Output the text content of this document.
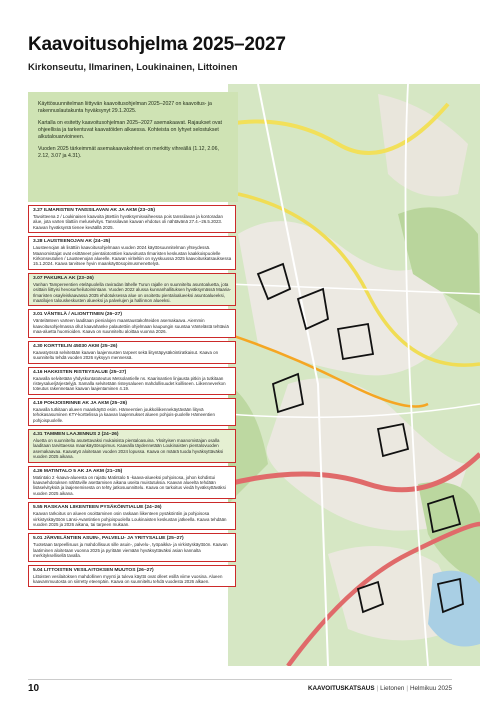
Kaavoitusohjelma 2025–2027
Kirkonseutu, Ilmarinen, Loukinainen, Littoinen

Käyttösuunnitelman liittyvän kaavoitusohjelman 2025–2027 on kaavoitus- ja rakennuslautakunta hyväksynyt 29.1.2025.

Kartalla on esitetty kaavoitusohjelman 2025–2027 asemakaavat. Rajaukset ovat ohjeellisia ja tarkentuvat kaavatöiden alkaessa. Kohteista on lyhyet selostukset alkutalouarvioineen.

Vuoden 2025 tärkeimmät asemakaavakohteet on merkitty vihreällä (1.12, 2.06, 2.12, 3.07 ja 4.31).

3.27 ILMARISTEN TANSSILAVAN AK JA AKM (23–25)
Tavoitteena 2 / Loukinaisen kaavoita jätettiin hyväksymisvaiheessa pois tanssilavan ja kontoradan alue, jota varten tilattiin meluselvitys. Tanssilavan kaavan ehdotus oli nähtävänä 27.4.–26.5.2023. Kaavan hyväksyntä tienee keväällä 2025.
3.28 LAUSTEENOJAN AK (24–25)
Lausteenojan ak lisättiin kaavoitusohjelmaan vuoden 2024 käyttösuunnitelman yhteydessä. Maanomistajat ovat esittäneet pientalotonttien kaavoitusta Ilmaristen keskustan kaakkoispuolelle Kirkonseutulien / Lausteenojan alueelle. Kaavan viriteltiin on syyskuussa 2025 kaavoituskatsauksessa 15.1.2024. Kaava tarvitsee hyvin maankäyttösopimusmenettelyä.
3.07 PAKURLA AK (23–26)
Vanhan Tampereentien eteläpuolella raviradan lähelle Turun rajalle on suunniteltu asuntoaluetta, jota osittain liittyisi hevosurheilutoimintaan. Vuoden 2022 alussa kunnanhallituksen hyväksymässä Maaria-Ilmaristen osayleiskaavassa 2035 ehdotuksessa alue on osoitettu pientaloalueeksi asuntoalueeksi, maatilojen talouskeskusten alueeksi ja palvelujen ja hallinnon alueeksi.
3.01 VÄNTELÄ / ALIONTTINEN (26–27)
Väntelänteen varteen laaditaan pienialojen maantaustakohteiden asemakaava. Aiemmin kaavoitusohjelmassa ollut kaavahanke palautettiin ohjelmaan kaupungin suuntaa Väntelästä tehtäviä maa-aluetta huomioiden. Kaava on suunniteltu aloittaa vuonna 2026.
4.30 KORTTELIN 45030 AKM (25–26)
Kaavatyössä selvitetään kaavan laajennusten tarpeet sekä liityntäpysäköintiratkaisut. Kaava on suunniteltu tehdä vuoden 2026 syksyyn mennessä.
4.16 HAKKISTEN RISTEYSALUE (25–27)
Kaavalla selvitetään yhdyskuntatoteutus Metsolantielle ns. Kaarinantien linjausta pitkin ja tutkitaan risteysalue/järjestelyjä. Samalla selvitetään risteysalueen mahdollisuudet koilliseen. Liikenneverkon toteutus rakennetaan kaavan laajentaminen 4.19.
4.19 POHJOISRINNE AK JA AKM (25–26)
Kaavalla tutkitaan alueen maankäyttö esim. Hämeentien joukkoliikennekäytävään liityvä tehokasasuminen KTY-korttelissa ja kaavan laajennukset alueen pohjois-puolelle Hämeentien pohjoispuolelle.
4.31 TAMMEN LAAJENNUS 2 (24–26)
Aluetta on suunniteltu asutettavaksi mukaisista pientaloasuina. Yksityisen maanomistajan osalla laaditaan tarvittaessa maankäyttösopimus. Kaavalla täydennetään Loukinaisten pientalovuoden asemakaavaa. Kaavatyö aloitetaan vuoden 2024 lopussa. Kaava on määrä tuoda hyväksyttäväksi vuoden 2025 aikana.
4.26 MATINTALO 5 AK JA AKM (21–25)
Matintalo 2 -kaava-alueesta on rajattu Matintalo 5 -kaava-alueeksi pohjoisosa, johon kohdistui kaavaehdotuksen nähtäville asettamisen aikana useita muistutuksia. Kaavan alueelta tehdään lisäselvityksiä ja laajenemisesta on tehty jatkosuunnittelu. Kaava on tarkoitus viedä hyväksyttäväksi vuoden 2025 aikana.
5.55 RASKAAN LIIKENTEEN PYSÄKÖINTIALUE (24–26)
Kaavan tarkoitus on alueen osoittaminen osin raskaan liikenteen pysäköintiin ja pohjoisosa virkistyskäyttöön Länsi-Avantintien pohjoispuolella Loukinaisten keskustan jatkeella. Kaava tehdään vuoden 2025 ja 2026 aikana, tai tarpeen mukaan.
5.01 JÄRVELÄNTIEN ASUIN-, PALVELU- JA YRITYSALUE (25–27)
Tuotetaan tarpeellisuus ja mahdollisuus sille asuin-, palvelu-, työpaikka- ja virkistyskäyttöön. Kaavan laatiminen aloitetaan vuonna 2025 ja pyritään viemään hyväksyttäväksi asian kannalta merkityksellisellä tavalla.
5.04 LITTOISTEN VESILAITOKSEN MUUTOS (26–27)
Littoisten vesilaitoksen mahdollinen myynti ja tuleva käyttö ovat olleet esillä viime vuosina. Alueen kaavammuutosta on siirretty eteenpäin. Kaava on suunniteltu tehdä vuodesta 2026 alkaen.
10	KAAVOITUSKATSAUS | Lietonen | Helmikuu 2025
